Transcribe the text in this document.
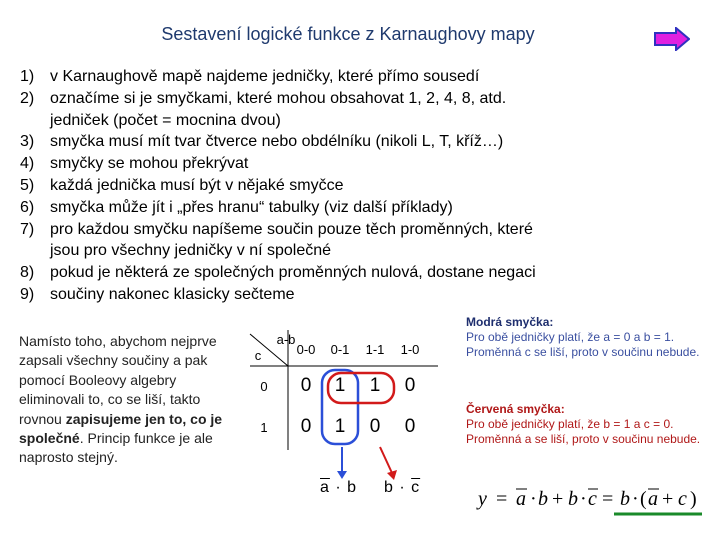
Sestavení logické funkce z Karnaughovy mapy
1) v Karnaughově mapě najdeme jedničky, které přímo sousedí
2) označíme si je smyčkami, které mohou obsahovat 1, 2, 4, 8, atd.
jedniček (počet = mocnina dvou)
3) smyčka musí mít tvar čtverce nebo obdélníku (nikoli L, T, kříž…)
4) smyčky se mohou překrývat
5) každá jednička musí být v nějaké smyčce
6) smyčka může jít i „přes hranu“ tabulky (viz další příklady)
7) pro každou smyčku napíšeme součin pouze těch proměnných, které
jsou pro všechny jedničky v ní společné
8) pokud je některá ze společných proměnných nulová, dostane negaci
9) součiny nakonec klasicky sečteme
Namísto toho, abychom nejprve zapsali všechny součiny a pak pomocí Booleovy algebry eliminovali to, co se liší, takto rovnou zapisujeme jen to, co je společné. Princip funkce je ale naprosto stejný.
a-b
c	0-0	0-1	1-1	1-0
0	0	1	1	0
1	0	1	0	0
$\overline{a} \cdot b$ $b \cdot \overline{c}$
Modrá smyčka:
Pro obě jedničky platí, že a = 0 a b = 1. Proměnná c se liší, proto v součinu nebude.
Červená smyčka:
Pro obě jedničky platí, že b = 1 a c = 0. Proměnná a se liší, proto v součinu nebude.
y = a · b + b · c = b · ( a + c )
